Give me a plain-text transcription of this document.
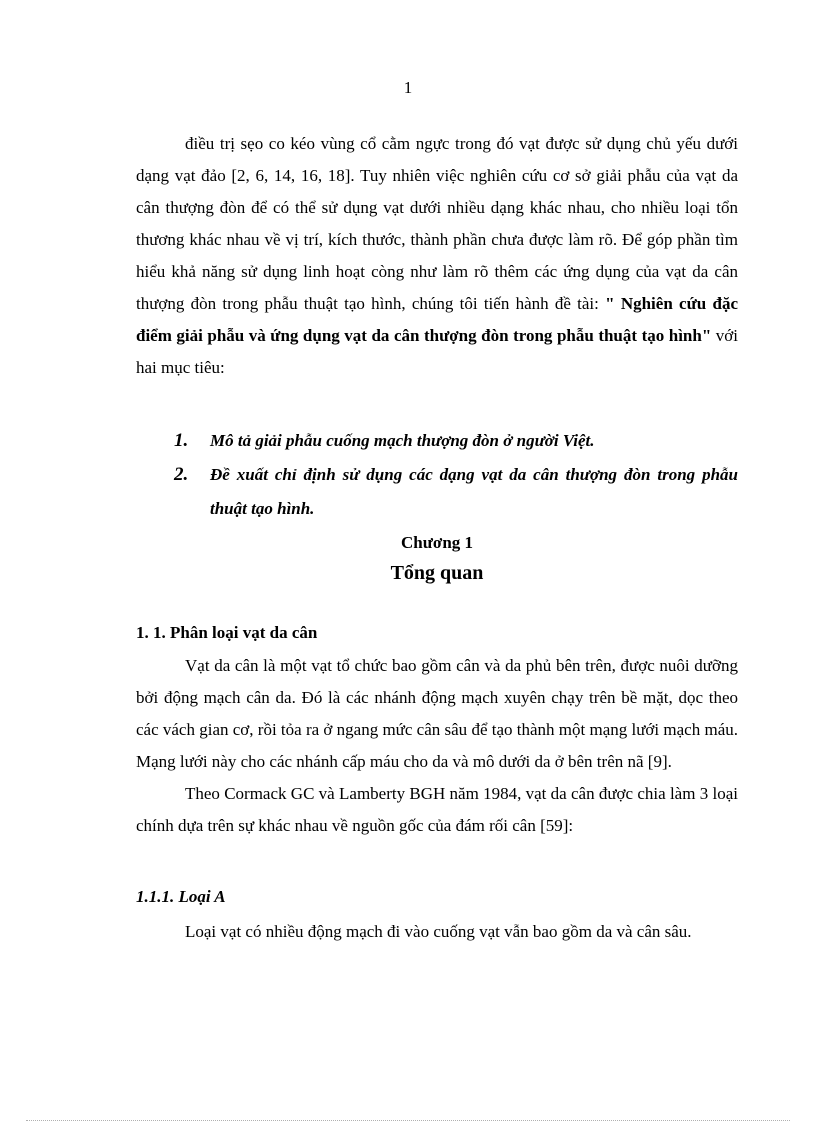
1

điều trị sẹo co kéo vùng cổ cằm ngực trong đó vạt được sử dụng chủ yếu dưới dạng vạt đảo [2, 6, 14, 16, 18]. Tuy nhiên việc nghiên cứu cơ sở giải phẫu của vạt da cân thượng đòn để có thể sử dụng vạt dưới nhiều dạng khác nhau, cho nhiều loại tổn thương khác nhau về vị trí, kích thước, thành phần chưa được làm rõ. Để góp phần tìm hiểu khả năng sử dụng linh hoạt còng như làm rõ thêm các ứng dụng của vạt da cân thượng đòn trong phẫu thuật tạo hình, chúng tôi tiến hành đề tài: " Nghiên cứu đặc điểm giải phẫu và ứng dụng vạt da cân thượng đòn trong phẫu thuật tạo hình" với hai mục tiêu:

1. Mô tả giải phẫu cuống mạch thượng đòn ở người Việt.
2. Đề xuất chỉ định sử dụng các dạng vạt da cân thượng đòn trong phẫu thuật tạo hình.
Chương 1
Tổng quan
1. 1. Phân loại vạt da cân

Vạt da cân là một vạt tổ chức bao gồm cân và da phủ bên trên, được nuôi dưỡng bởi động mạch cân da. Đó là các nhánh động mạch xuyên chạy trên bề mặt, dọc theo các vách gian cơ, rồi tỏa ra ở ngang mức cân sâu để tạo thành một mạng lưới mạch máu. Mạng lưới này cho các nhánh cấp máu cho da và mô dưới da ở bên trên nã [9].

Theo Cormack GC và Lamberty BGH năm 1984, vạt da cân được chia làm 3 loại chính dựa trên sự khác nhau về nguồn gốc của đám rối cân [59]:

1.1.1. Loại A

Loại vạt có nhiều động mạch đi vào cuống vạt vẫn bao gồm da và cân sâu.
